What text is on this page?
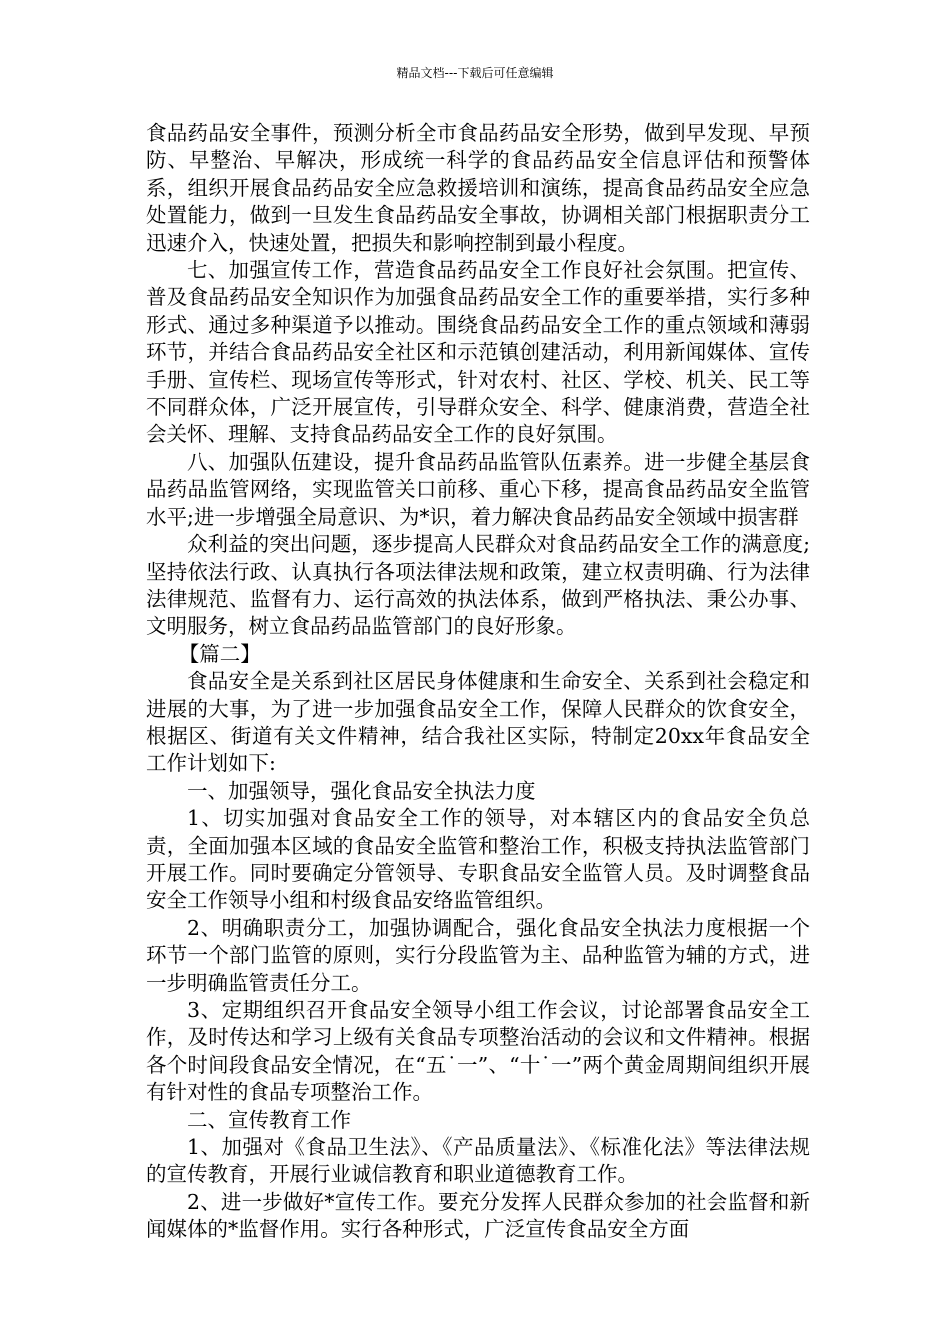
精品文档---下载后可任意编辑

食品药品安全事件，预测分析全市食品药品安全形势，做到早发现、早预防、早整治、早解决，形成统一科学的食品药品安全信息评估和预警体系，组织开展食品药品安全应急救援培训和演练，提高食品药品安全应急处置能力，做到一旦发生食品药品安全事故，协调相关部门根据职责分工迅速介入，快速处置，把损失和影响控制到最小程度。

七、加强宣传工作，营造食品药品安全工作良好社会氛围。把宣传、普及食品药品安全知识作为加强食品药品安全工作的重要举措，实行多种形式、通过多种渠道予以推动。围绕食品药品安全工作的重点领域和薄弱环节，并结合食品药品安全社区和示范镇创建活动，利用新闻媒体、宣传手册、宣传栏、现场宣传等形式，针对农村、社区、学校、机关、民工等不同群众体，广泛开展宣传，引导群众安全、科学、健康消费，营造全社会关怀、理解、支持食品药品安全工作的良好氛围。

八、加强队伍建设，提升食品药品监管队伍素养。进一步健全基层食品药品监管网络，实现监管关口前移、重心下移，提高食品药品安全监管水平;进一步增强全局意识、为*识，着力解决食品药品安全领域中损害群

众利益的突出问题，逐步提高人民群众对食品药品安全工作的满意度;坚持依法行政、认真执行各项法律法规和政策，建立权责明确、行为法律法律规范、监督有力、运行高效的执法体系，做到严格执法、秉公办事、文明服务，树立食品药品监管部门的良好形象。

【篇二】

食品安全是关系到社区居民身体健康和生命安全、关系到社会稳定和进展的大事，为了进一步加强食品安全工作，保障人民群众的饮食安全，根据区、街道有关文件精神，结合我社区实际，特制定20xx年食品安全工作计划如下:

一、加强领导，强化食品安全执法力度

1、切实加强对食品安全工作的领导，对本辖区内的食品安全负总责，全面加强本区域的食品安全监管和整治工作，积极支持执法监管部门开展工作。同时要确定分管领导、专职食品安全监管人员。及时调整食品安全工作领导小组和村级食品安络监管组织。

2、明确职责分工，加强协调配合，强化食品安全执法力度根据一个环节一个部门监管的原则，实行分段监管为主、品种监管为辅的方式，进一步明确监管责任分工。

3、定期组织召开食品安全领导小组工作会议，讨论部署食品安全工作，及时传达和学习上级有关食品专项整治活动的会议和文件精神。根据各个时间段食品安全情况，在“五˙一”、“十˙一”两个黄金周期间组织开展有针对性的食品专项整治工作。

二、宣传教育工作

1、加强对《食品卫生法》、《产品质量法》、《标准化法》等法律法规的宣传教育，开展行业诚信教育和职业道德教育工作。

2、进一步做好*宣传工作。要充分发挥人民群众参加的社会监督和新闻媒体的*监督作用。实行各种形式，广泛宣传食品安全方面
